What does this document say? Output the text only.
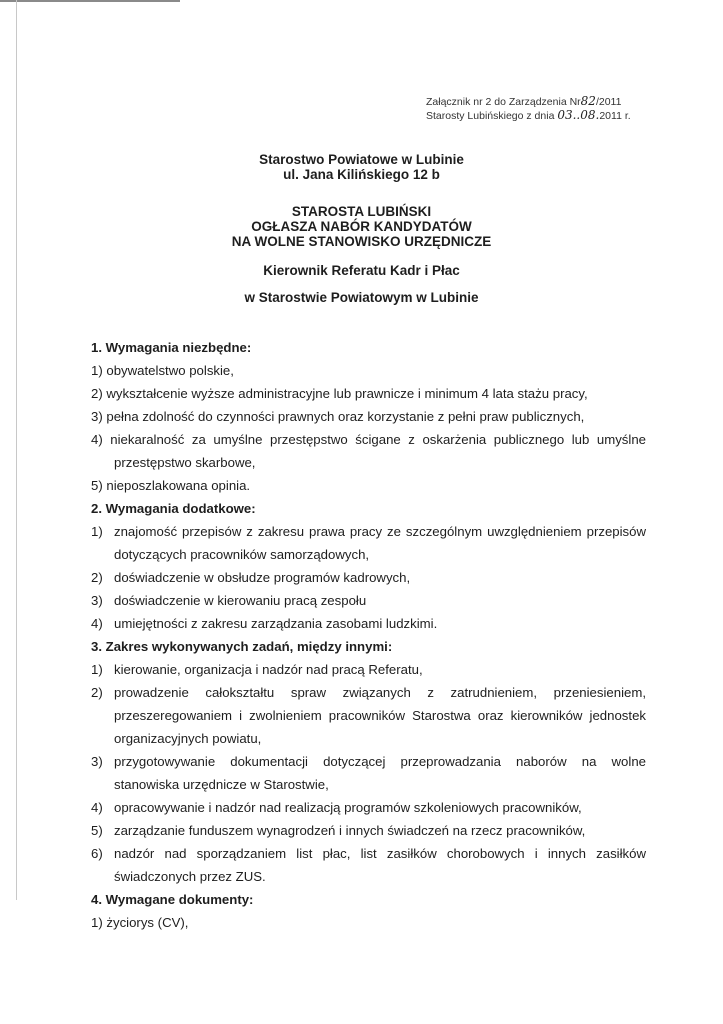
Załącznik nr 2 do Zarządzenia Nr82/2011
Starosty Lubińskiego z dnia 03..08.2011 r.
Starostwo Powiatowe w Lubinie
ul. Jana Kilińskiego 12 b
STAROSTA LUBIŃSKI
OGŁASZA NABÓR KANDYDATÓW
NA WOLNE STANOWISKO URZĘDNICZE
Kierownik Referatu Kadr i Płac
w Starostwie Powiatowym w Lubinie
1. Wymagania niezbędne:
1) obywatelstwo polskie,
2) wykształcenie wyższe administracyjne lub prawnicze i minimum 4 lata stażu pracy,
3) pełna zdolność do czynności prawnych oraz korzystanie z pełni praw publicznych,
4) niekaralność za umyślne przestępstwo ścigane z oskarżenia publicznego lub umyślne
przestępstwo skarbowe,
5) nieposzlakowana opinia.
2. Wymagania dodatkowe:
1) znajomość przepisów z zakresu prawa pracy ze szczególnym uwzględnieniem przepisów
dotyczących pracowników samorządowych,
2) doświadczenie w obsłudze programów kadrowych,
3) doświadczenie w kierowaniu pracą zespołu
4) umiejętności z zakresu zarządzania zasobami ludzkimi.
3. Zakres wykonywanych zadań, między innymi:
1) kierowanie, organizacja i nadzór nad pracą Referatu,
2) prowadzenie całokształtu spraw związanych z zatrudnieniem, przeniesieniem,
przeszeregowaniem i zwolnieniem pracowników Starostwa oraz kierowników jednostek
organizacyjnych powiatu,
3) przygotowywanie dokumentacji dotyczącej przeprowadzania naborów na wolne
stanowiska urzędnicze w Starostwie,
4) opracowywanie i nadzór nad realizacją programów szkoleniowych pracowników,
5) zarządzanie funduszem wynagrodzeń i innych świadczeń na rzecz pracowników,
6) nadzór nad sporządzaniem list płac, list zasiłków chorobowych i innych zasiłków
świadczonych przez ZUS.
4. Wymagane dokumenty:
1) życiorys (CV),
